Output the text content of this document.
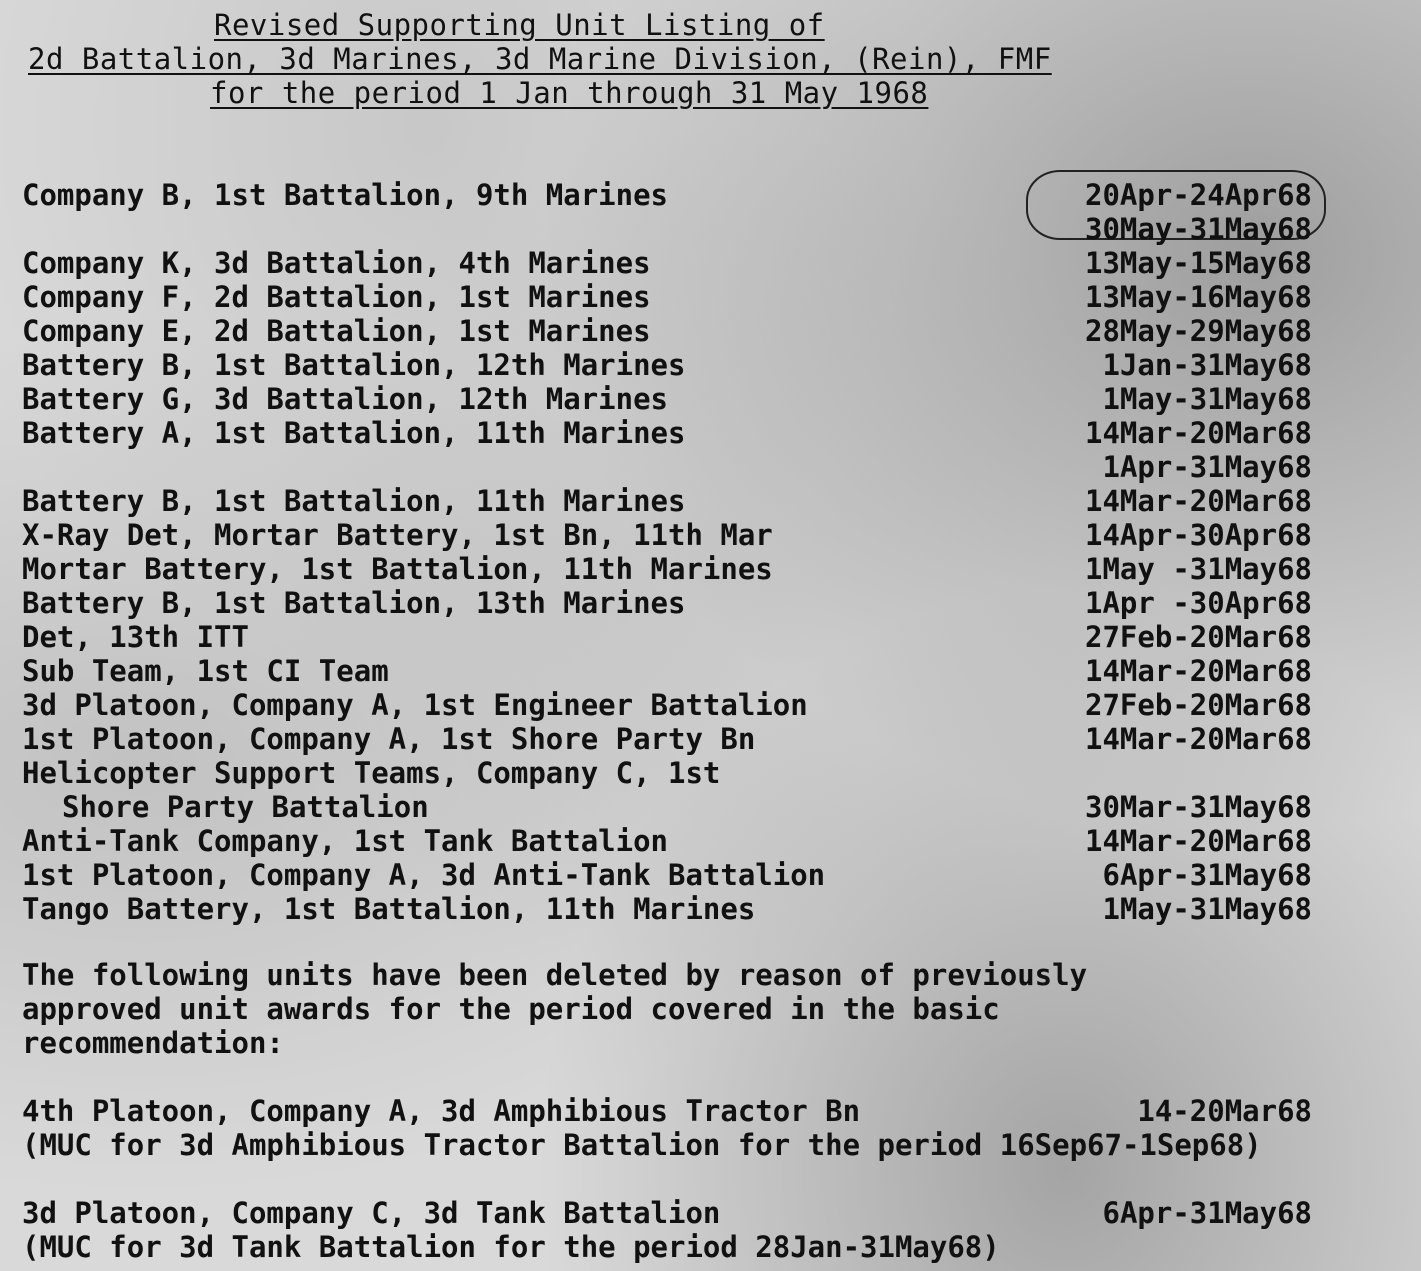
Revised Supporting Unit Listing of
2d Battalion, 3d Marines, 3d Marine Division, (Rein), FMF
for the period 1 Jan through 31 May 1968
Company B, 1st Battalion, 9th Marines	20Apr-24Apr68
30May-31May68
Company K, 3d Battalion, 4th Marines	13May-15May68
Company F, 2d Battalion, 1st Marines	13May-16May68
Company E, 2d Battalion, 1st Marines	28May-29May68
Battery B, 1st Battalion, 12th Marines	1Jan-31May68
Battery G, 3d Battalion, 12th Marines	1May-31May68
Battery A, 1st Battalion, 11th Marines	14Mar-20Mar68
1Apr-31May68
Battery B, 1st Battalion, 11th Marines	14Mar-20Mar68
X-Ray Det, Mortar Battery, 1st Bn, 11th Mar	14Apr-30Apr68
Mortar Battery, 1st Battalion, 11th Marines	1May -31May68
Battery B, 1st Battalion, 13th Marines	1Apr -30Apr68
Det, 13th ITT	27Feb-20Mar68
Sub Team, 1st CI Team	14Mar-20Mar68
3d Platoon, Company A, 1st Engineer Battalion	27Feb-20Mar68
1st Platoon, Company A, 1st Shore Party Bn	14Mar-20Mar68
Helicopter Support Teams, Company C, 1st
Shore Party Battalion	30Mar-31May68
Anti-Tank Company, 1st Tank Battalion	14Mar-20Mar68
1st Platoon, Company A, 3d Anti-Tank Battalion	6Apr-31May68
Tango Battery, 1st Battalion, 11th Marines	1May-31May68
The following units have been deleted by reason of previously
approved unit awards for the period covered in the basic
recommendation:
4th Platoon, Company A, 3d Amphibious Tractor Bn	14-20Mar68
(MUC for 3d Amphibious Tractor Battalion for the period 16Sep67-1Sep68)
3d Platoon, Company C, 3d Tank Battalion	6Apr-31May68
(MUC for 3d Tank Battalion for the period 28Jan-31May68)
